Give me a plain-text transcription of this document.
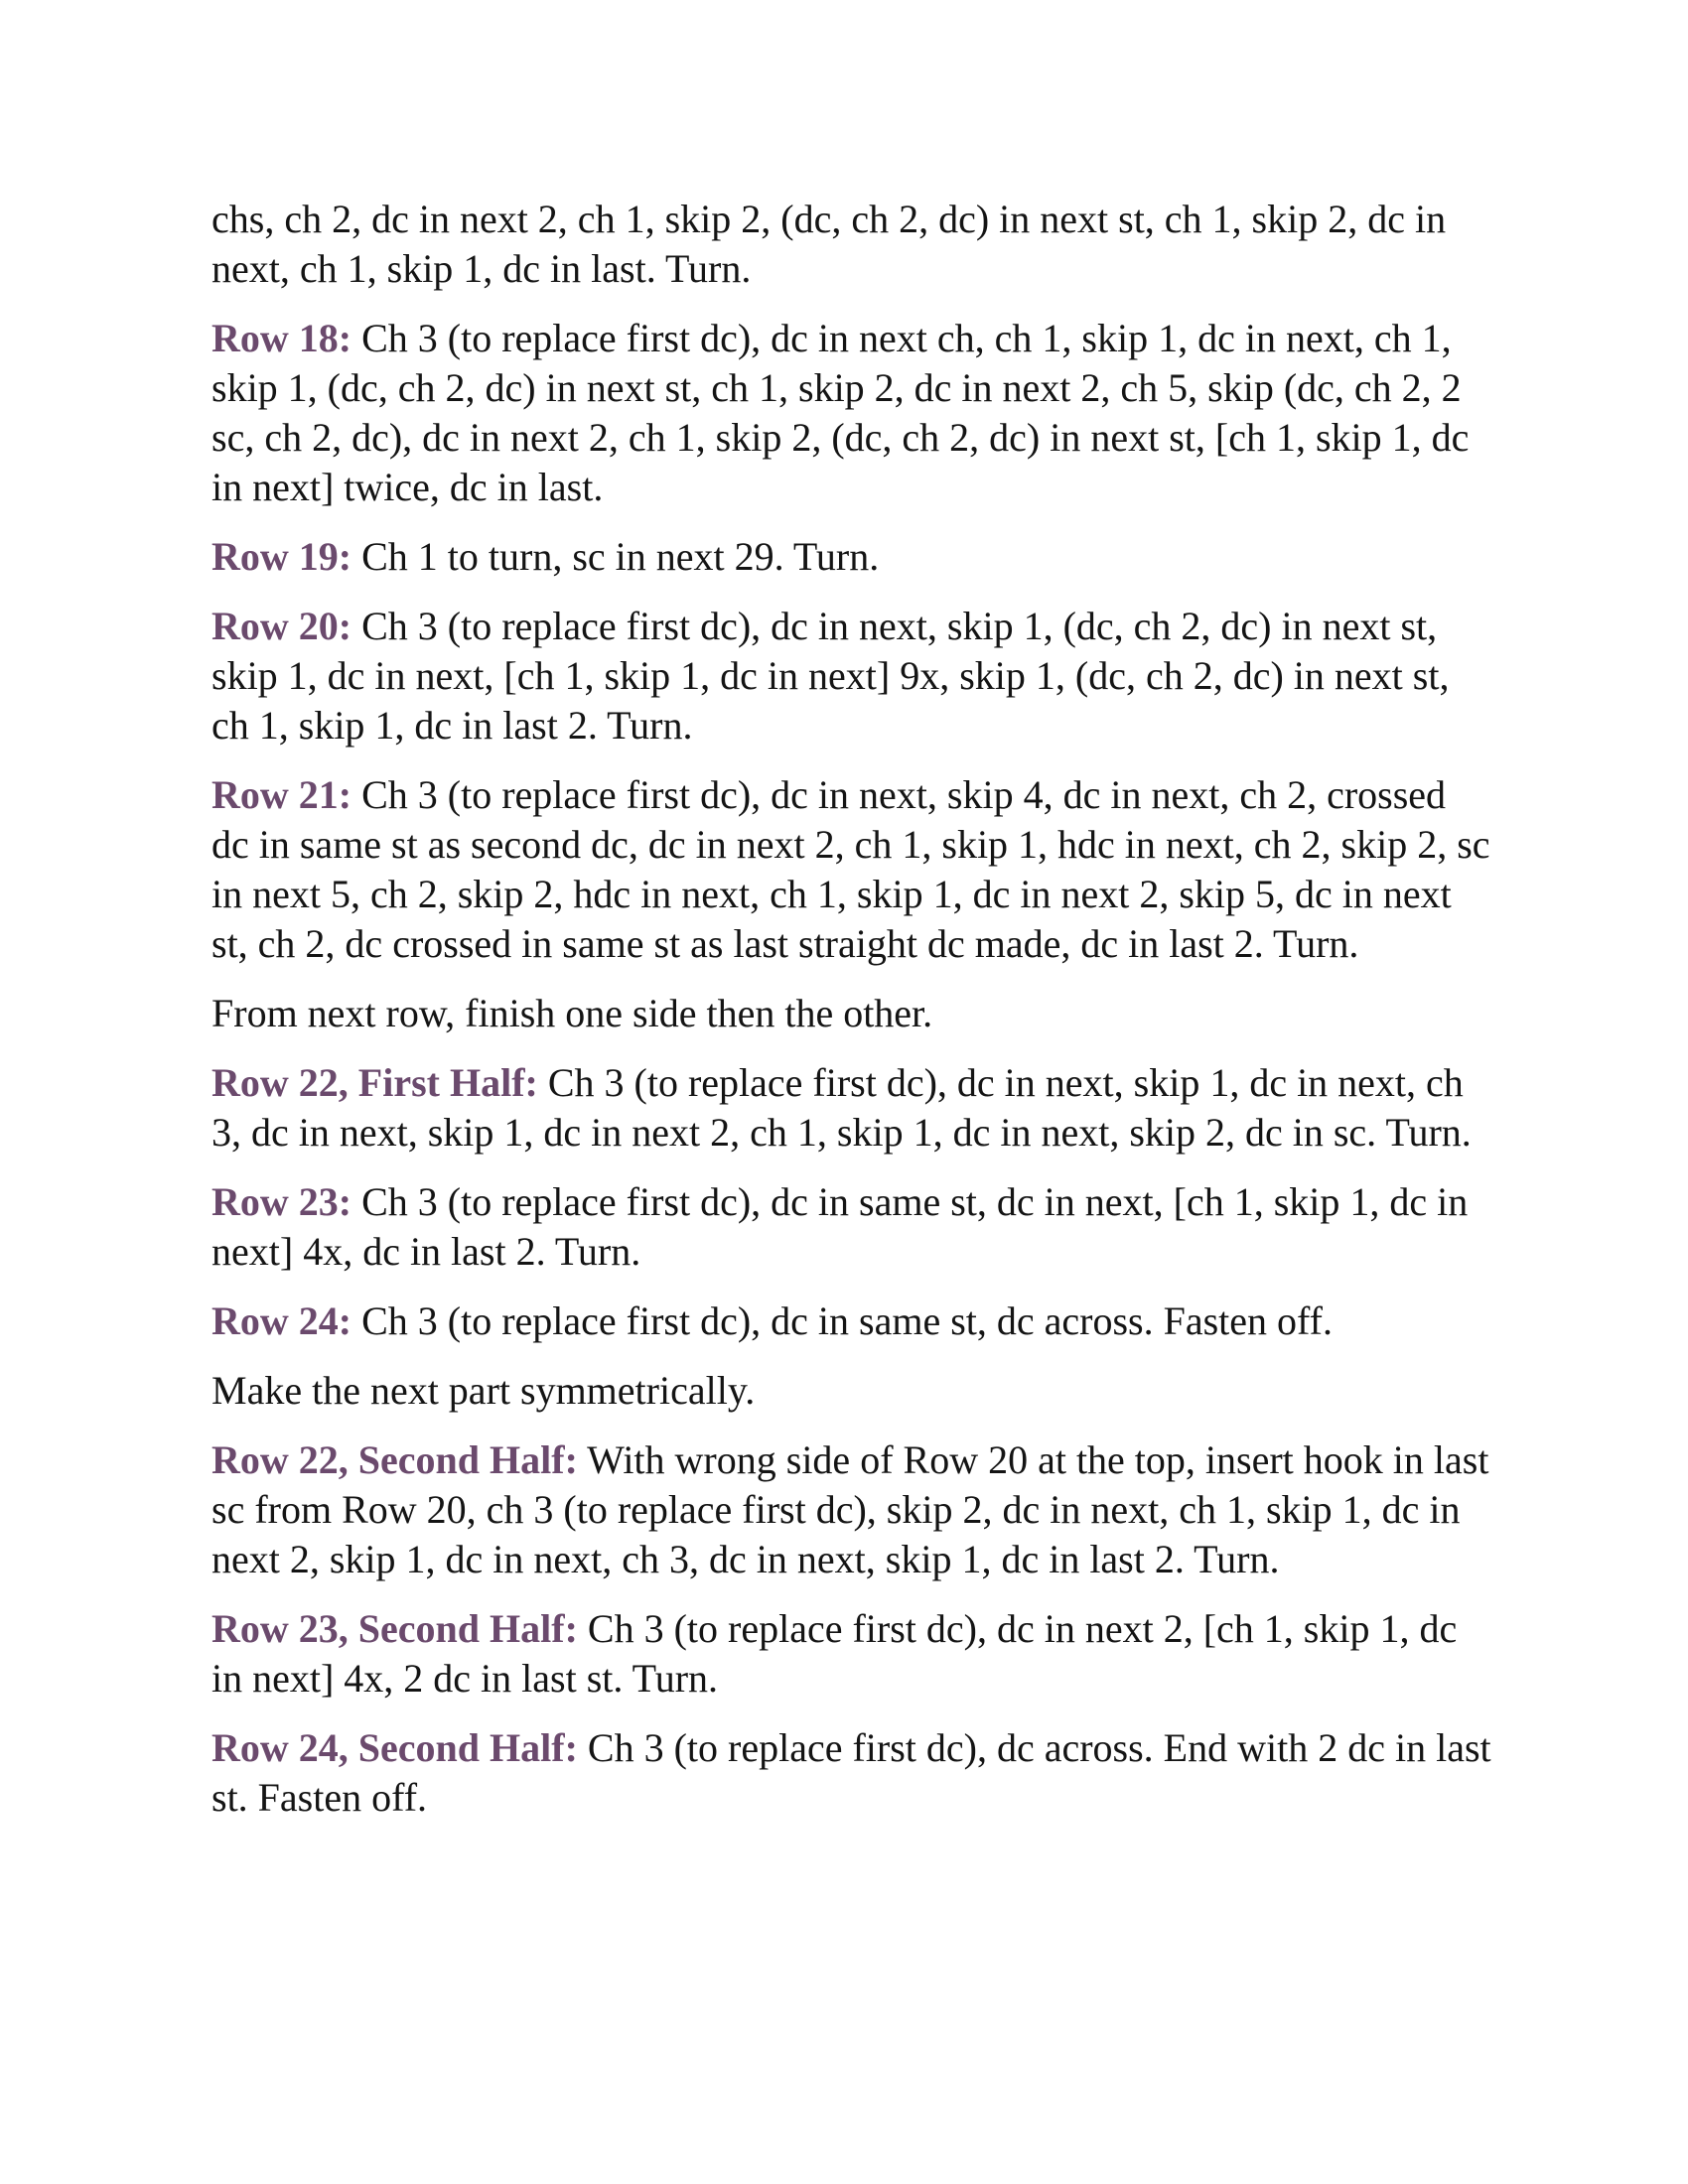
chs, ch 2, dc in next 2, ch 1, skip 2, (dc, ch 2, dc) in next st, ch 1, skip 2, dc in next, ch 1, skip 1, dc in last. Turn.

Row 18: Ch 3 (to replace first dc), dc in next ch, ch 1, skip 1, dc in next, ch 1, skip 1, (dc, ch 2, dc) in next st, ch 1, skip 2, dc in next 2, ch 5, skip (dc, ch 2, 2 sc, ch 2, dc), dc in next 2, ch 1, skip 2, (dc, ch 2, dc) in next st, [ch 1, skip 1, dc in next] twice, dc in last.

Row 19: Ch 1 to turn, sc in next 29. Turn.

Row 20: Ch 3 (to replace first dc), dc in next, skip 1, (dc, ch 2, dc) in next st, skip 1, dc in next, [ch 1, skip 1, dc in next] 9x, skip 1, (dc, ch 2, dc) in next st, ch 1, skip 1, dc in last 2. Turn.

Row 21: Ch 3 (to replace first dc), dc in next, skip 4, dc in next, ch 2, crossed dc in same st as second dc, dc in next 2, ch 1, skip 1, hdc in next, ch 2, skip 2, sc in next 5, ch 2, skip 2, hdc in next, ch 1, skip 1, dc in next 2, skip 5, dc in next st, ch 2, dc crossed in same st as last straight dc made, dc in last 2. Turn.

From next row, finish one side then the other.

Row 22, First Half: Ch 3 (to replace first dc), dc in next, skip 1, dc in next, ch 3, dc in next, skip 1, dc in next 2, ch 1, skip 1, dc in next, skip 2, dc in sc. Turn.

Row 23: Ch 3 (to replace first dc), dc in same st, dc in next, [ch 1, skip 1, dc in next] 4x, dc in last 2. Turn.

Row 24: Ch 3 (to replace first dc), dc in same st, dc across. Fasten off.

Make the next part symmetrically.

Row 22, Second Half: With wrong side of Row 20 at the top, insert hook in last sc from Row 20, ch 3 (to replace first dc), skip 2, dc in next, ch 1, skip 1, dc in next 2, skip 1, dc in next, ch 3, dc in next, skip 1, dc in last 2. Turn.

Row 23, Second Half: Ch 3 (to replace first dc), dc in next 2, [ch 1, skip 1, dc in next] 4x, 2 dc in last st. Turn.

Row 24, Second Half: Ch 3 (to replace first dc), dc across. End with 2 dc in last st. Fasten off.
